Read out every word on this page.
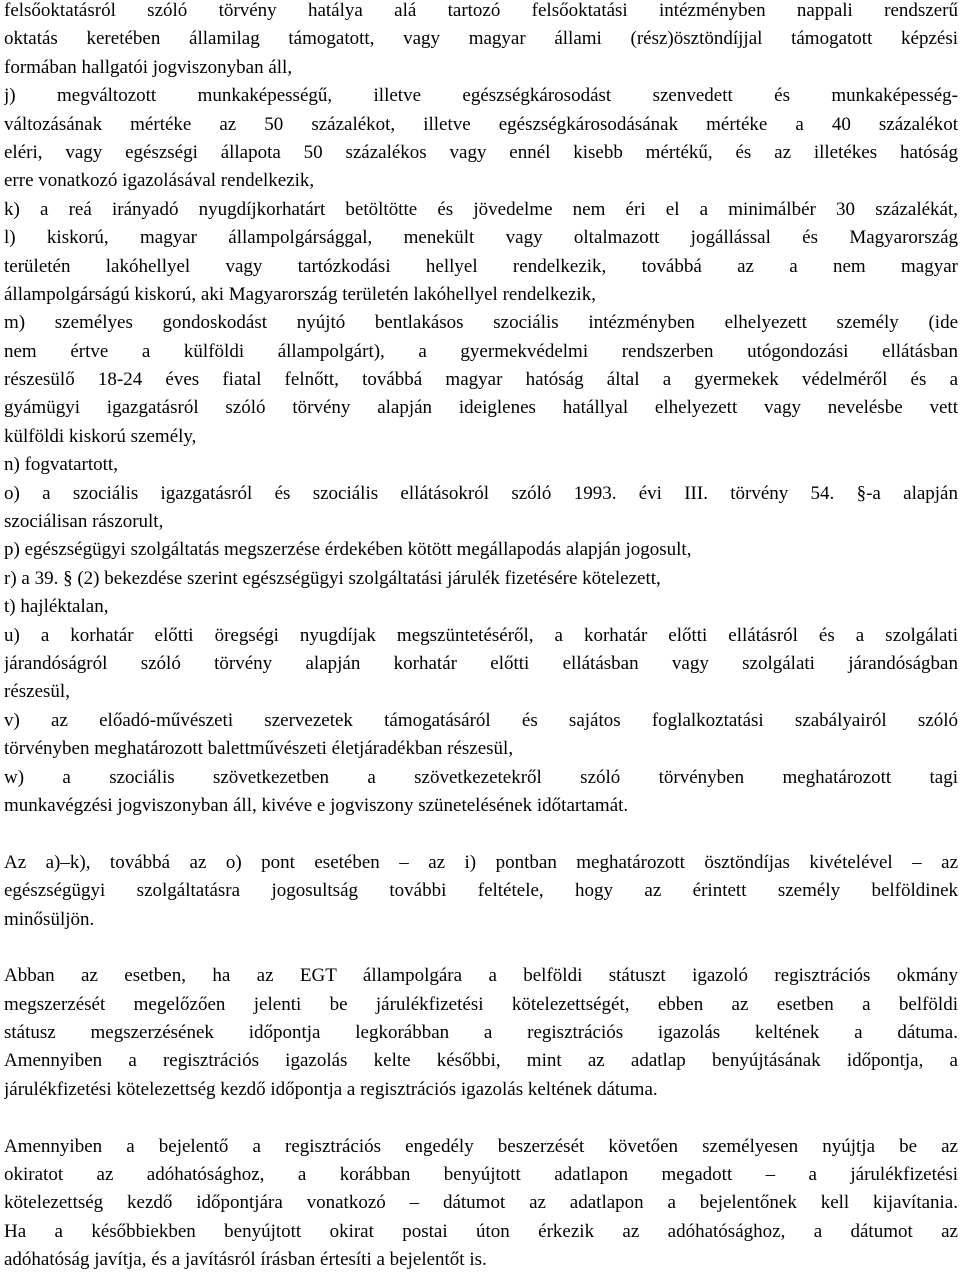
felsőoktatásról szóló törvény hatálya alá tartozó felsőoktatási intézményben nappali rendszerű
oktatás keretében államilag támogatott, vagy magyar állami (rész)ösztöndíjjal támogatott képzési
formában hallgatói jogviszonyban áll,

j) megváltozott munkaképességű, illetve egészségkárosodást szenvedett és munkaképesség-
változásának mértéke az 50 százalékot, illetve egészségkárosodásának mértéke a 40 százalékot
eléri, vagy egészségi állapota 50 százalékos vagy ennél kisebb mértékű, és az illetékes hatóság
erre vonatkozó igazolásával rendelkezik,

k) a reá irányadó nyugdíjkorhatárt betöltötte és jövedelme nem éri el a minimálbér 30 százalékát,

l) kiskorú, magyar állampolgársággal, menekült vagy oltalmazott jogállással és Magyarország
területén lakóhellyel vagy tartózkodási hellyel rendelkezik, továbbá az a nem magyar
állampolgárságú kiskorú, aki Magyarország területén lakóhellyel rendelkezik,

m) személyes gondoskodást nyújtó bentlakásos szociális intézményben elhelyezett személy (ide
nem értve a külföldi állampolgárt), a gyermekvédelmi rendszerben utógondozási ellátásban
részesülő 18-24 éves fiatal felnőtt, továbbá magyar hatóság által a gyermekek védelméről és a
gyámügyi igazgatásról szóló törvény alapján ideiglenes hatállyal elhelyezett vagy nevelésbe vett
külföldi kiskorú személy,

n) fogvatartott,

o) a szociális igazgatásról és szociális ellátásokról szóló 1993. évi III. törvény 54. §-a alapján
szociálisan rászorult,

p) egészségügyi szolgáltatás megszerzése érdekében kötött megállapodás alapján jogosult,

r) a 39. § (2) bekezdése szerint egészségügyi szolgáltatási járulék fizetésére kötelezett,

t) hajléktalan,

u) a korhatár előtti öregségi nyugdíjak megszüntetéséről, a korhatár előtti ellátásról és a szolgálati
járandóságról szóló törvény alapján korhatár előtti ellátásban vagy szolgálati járandóságban
részesül,

v) az előadó-művészeti szervezetek támogatásáról és sajátos foglalkoztatási szabályairól szóló
törvényben meghatározott balettművészeti életjáradékban részesül,

w) a szociális szövetkezetben a szövetkezetekről szóló törvényben meghatározott tagi
munkavégzési jogviszonyban áll, kivéve e jogviszony szünetelésének időtartamát.

Az a)–k), továbbá az o) pont esetében – az i) pontban meghatározott ösztöndíjas kivételével – az
egészségügyi szolgáltatásra jogosultság további feltétele, hogy az érintett személy belföldinek
minősüljön.

Abban az esetben, ha az EGT állampolgára a belföldi státuszt igazoló regisztrációs okmány
megszerzését megelőzően jelenti be járulékfizetési kötelezettségét, ebben az esetben a belföldi
státusz megszerzésének időpontja legkorábban a regisztrációs igazolás keltének a dátuma.
Amennyiben a regisztrációs igazolás kelte későbbi, mint az adatlap benyújtásának időpontja, a
járulékfizetési kötelezettség kezdő időpontja a regisztrációs igazolás keltének dátuma.

Amennyiben a bejelentő a regisztrációs engedély beszerzését követően személyesen nyújtja be az
okiratot az adóhatósághoz, a korábban benyújtott adatlapon megadott – a járulékfizetési
kötelezettség kezdő időpontjára vonatkozó – dátumot az adatlapon a bejelentőnek kell kijavítania.
Ha a későbbiekben benyújtott okirat postai úton érkezik az adóhatósághoz, a dátumot az
adóhatóság javítja, és a javításról írásban értesíti a bejelentőt is.
